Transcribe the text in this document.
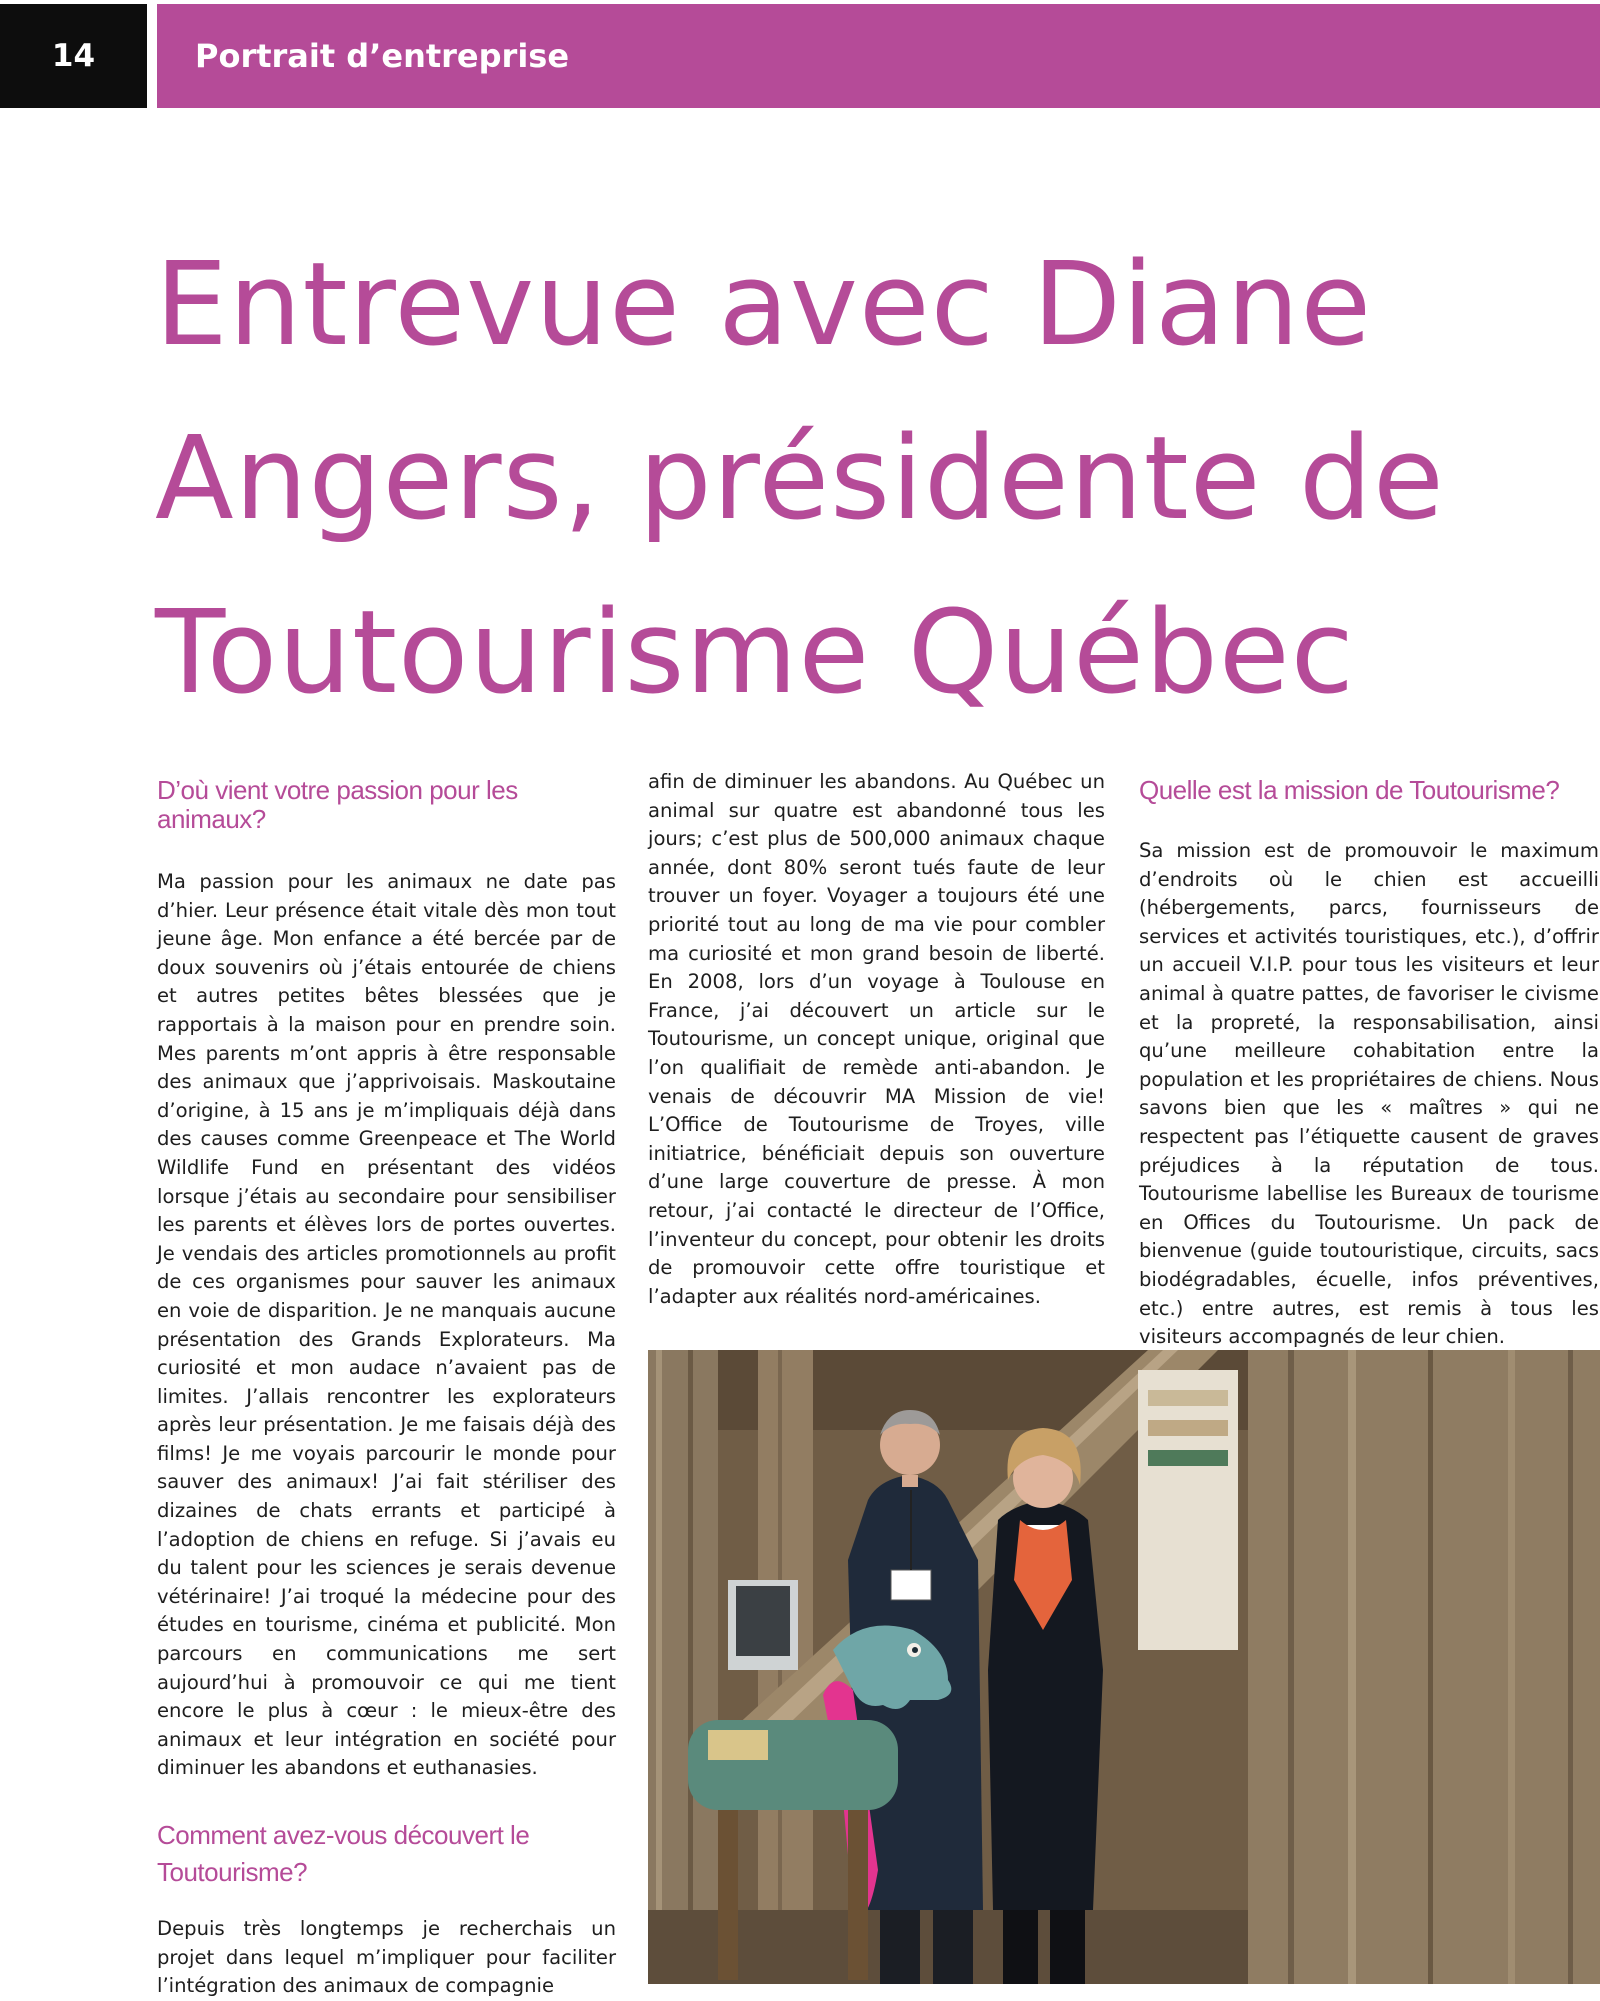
14	Portrait d’entreprise
Entrevue avec Diane Angers, présidente de Toutourisme Québec
D’où vient votre passion pour les animaux?

Ma passion pour les animaux ne date pas d’hier. Leur présence était vitale dès mon tout jeune âge. Mon enfance a été bercée par de doux souvenirs où j’étais entourée de chiens et autres petites bêtes blessées que je rapportais à la maison pour en prendre soin. Mes parents m’ont appris à être responsable des animaux que j’apprivoisais. Maskoutaine d’origine, à 15 ans je m’impliquais déjà dans des causes comme Greenpeace et The World Wildlife Fund en présentant des vidéos lorsque j’étais au secondaire pour sensibiliser les parents et élèves lors de portes ouvertes. Je vendais des articles promotionnels au profit de ces organismes pour sauver les animaux en voie de disparition. Je ne manquais aucune présentation des Grands Explorateurs. Ma curiosité et mon audace n’avaient pas de limites. J’allais rencontrer les explorateurs après leur présentation. Je me faisais déjà des films! Je me voyais parcourir le monde pour sauver des animaux! J’ai fait stériliser des dizaines de chats errants et participé à l’adoption de chiens en refuge. Si j’avais eu du talent pour les sciences je serais devenue vétérinaire! J’ai troqué la médecine pour des études en tourisme, cinéma et publicité. Mon parcours en communications me sert aujourd’hui à promouvoir ce qui me tient encore le plus à cœur : le mieux-être des animaux et leur intégration en société pour diminuer les abandons et euthanasies.

Comment avez-vous découvert le Toutourisme?

Depuis très longtemps je recherchais un projet dans lequel m’impliquer pour faciliter l’intégration des animaux de compagnie

afin de diminuer les abandons. Au Québec un animal sur quatre est abandonné tous les jours; c’est plus de 500,000 animaux chaque année, dont 80% seront tués faute de leur trouver un foyer. Voyager a toujours été une priorité tout au long de ma vie pour combler ma curiosité et mon grand besoin de liberté. En 2008, lors d’un voyage à Toulouse en France, j’ai découvert un article sur le Toutourisme, un concept unique, original que l’on qualifiait de remède anti-abandon. Je venais de découvrir MA Mission de vie! L’Office de Toutourisme de Troyes, ville initiatrice, bénéficiait depuis son ouverture d’une large couverture de presse. À mon retour, j’ai contacté le directeur de l’Office, l’inventeur du concept, pour obtenir les droits de promouvoir cette offre touristique et l’adapter aux réalités nord-américaines.

Quelle est la mission de Toutourisme?

Sa mission est de promouvoir le maximum d’endroits où le chien est accueilli (hébergements, parcs, fournisseurs de services et activités touristiques, etc.), d’offrir un accueil V.I.P. pour tous les visiteurs et leur animal à quatre pattes, de favoriser le civisme et la propreté, la responsabilisation, ainsi qu’une meilleure cohabitation entre la population et les propriétaires de chiens. Nous savons bien que les « maîtres » qui ne respectent pas l’étiquette causent de graves préjudices à la réputation de tous. Toutourisme labellise les Bureaux de tourisme en Offices du Toutourisme. Un pack de bienvenue (guide toutouristique, circuits, sacs biodégradables, écuelle, infos préventives, etc.) entre autres, est remis à tous les visiteurs accompagnés de leur chien.
